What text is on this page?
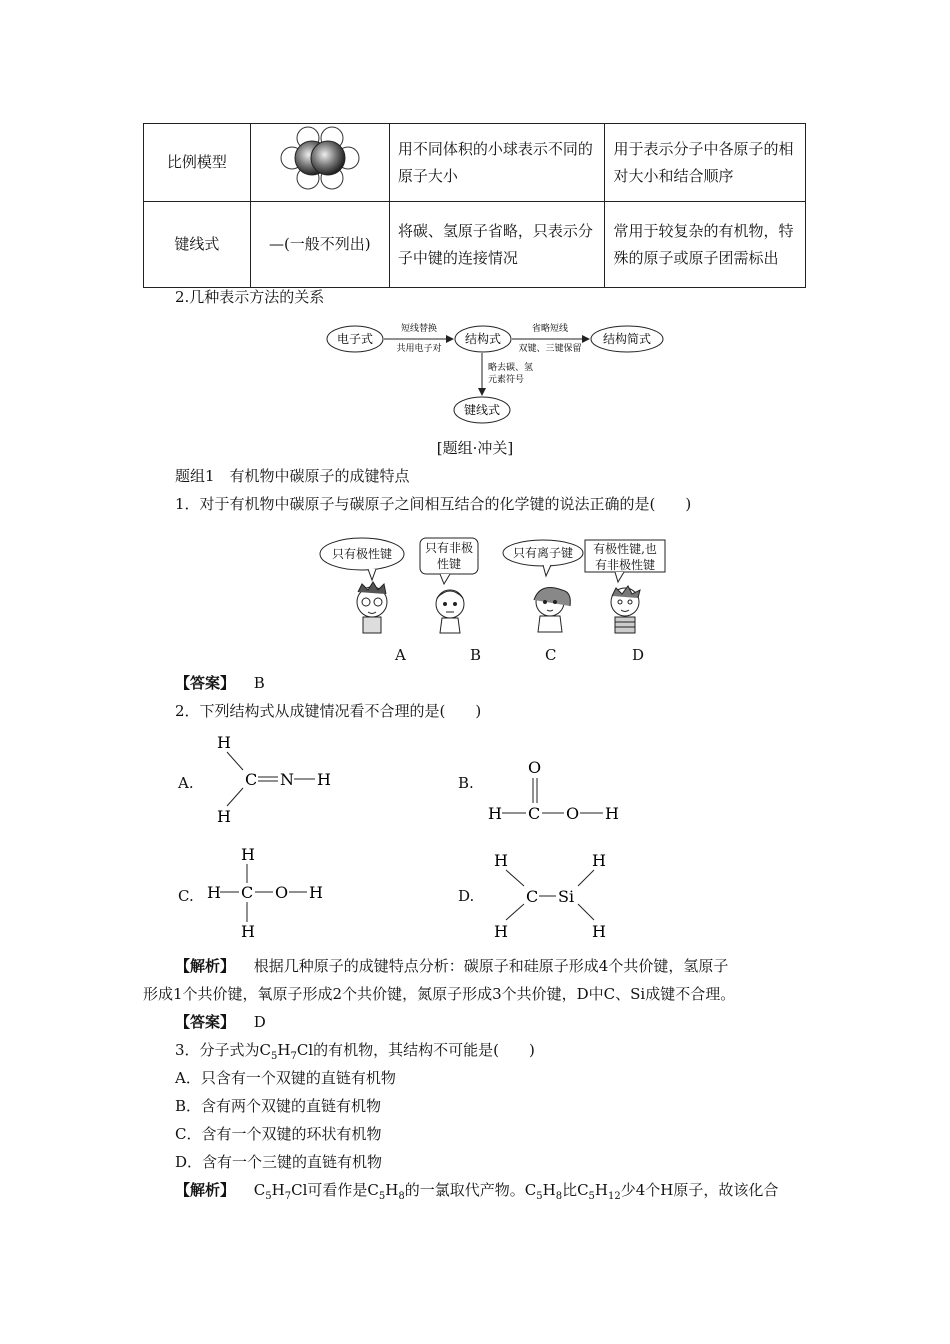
比例模型		用不同体积的小球表示不同的原子大小	用于表示分子中各原子的相对大小和结合顺序
键线式	—(一般不列出)	将碳、氢原子省略，只表示分子中键的连接情况	常用于较复杂的有机物，特殊的原子或原子团需标出
2.几种表示方法的关系
电子式	结构式	结构简式
键线式
短线替换
共用电子对
省略短线
双键、三键保留
略去碳、氢
元素符号
[题组·冲关]
题组1　有机物中碳原子的成键特点
1．对于有机物中碳原子与碳原子之间相互结合的化学键的说法正确的是(　　)
只有极性键	只有非极
性键
只有离子键	有极性键,也
有非极性键
A	B	C	D
【答案】 B
2．下列结构式从成键情况看不合理的是(　　)
A.
H
H
C N H	B.
O
H C O H
C.
H
H C O H
H
D.
H
H
C Si
H
H
【解析】 根据几种原子的成键特点分析：碳原子和硅原子形成4个共价键，氢原子
形成1个共价键，氧原子形成2个共价键，氮原子形成3个共价键，D中C、Si成键不合理。
【答案】 D
3．分子式为$C_5H_7Cl$的有机物，其结构不可能是(　　)
A．只含有一个双键的直链有机物
B．含有两个双键的直链有机物
C．含有一个双键的环状有机物
D．含有一个三键的直链有机物
【解析】 $C_5H_7Cl$可看作是$C_5H_8$的一氯取代产物。$C_5H_8$比$C_5H_{12}$少4个H原子，故该化合
